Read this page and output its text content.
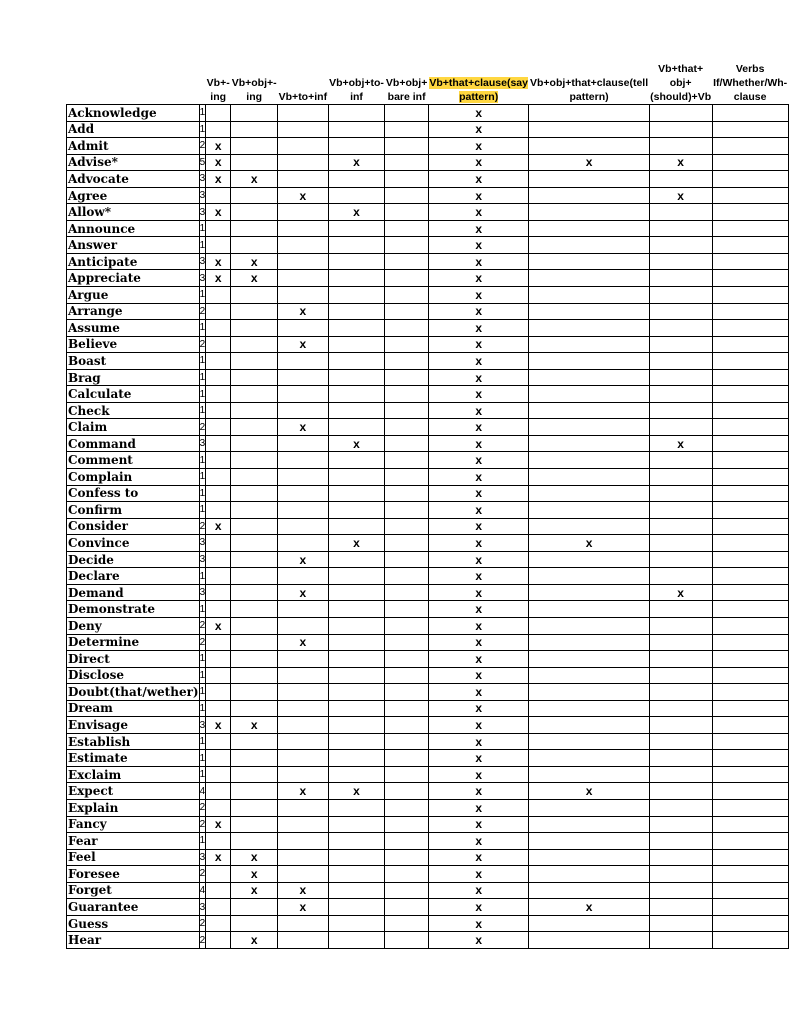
		Vb+-ing	Vb+obj+-ing	Vb+to+inf	Vb+obj+to-inf	Vb+obj+ bare inf	Vb+that+clause(say pattern)	Vb+obj+that+clause(tell pattern)	Vb+that+ obj+(should)+Vb	Verbs If/Whether/Wh-clause
Acknowledge	1						x			
Add	1						x			
Admit	2	x					x			
Advise*	5	x			x		x	x	x	
Advocate	3	x	x				x			
Agree	3			x			x		x	
Allow*	3	x			x		x			
Announce	1						x			
Answer	1						x			
Anticipate	3	x	x				x			
Appreciate	3	x	x				x			
Argue	1						x			
Arrange	2			x			x			
Assume	1						x			
Believe	2			x			x			
Boast	1						x			
Brag	1						x			
Calculate	1						x			
Check	1						x			
Claim	2			x			x			
Command	3				x		x		x	
Comment	1						x			
Complain	1						x			
Confess to	1						x			
Confirm	1						x			
Consider	2	x					x			
Convince	3				x		x	x		
Decide	3			x			x			
Declare	1						x			
Demand	3			x			x		x	
Demonstrate	1						x			
Deny	2	x					x			
Determine	2			x			x			
Direct	1						x			
Disclose	1						x			
Doubt(that/wether)	1						x			
Dream	1						x			
Envisage	3	x	x				x			
Establish	1						x			
Estimate	1						x			
Exclaim	1						x			
Expect	4			x	x		x	x		
Explain	2						x			
Fancy	2	x					x			
Fear	1						x			
Feel	3	x	x				x			
Foresee	2		x				x			
Forget	4		x	x			x			
Guarantee	3			x			x	x		
Guess	2						x			
Hear	2		x				x			
